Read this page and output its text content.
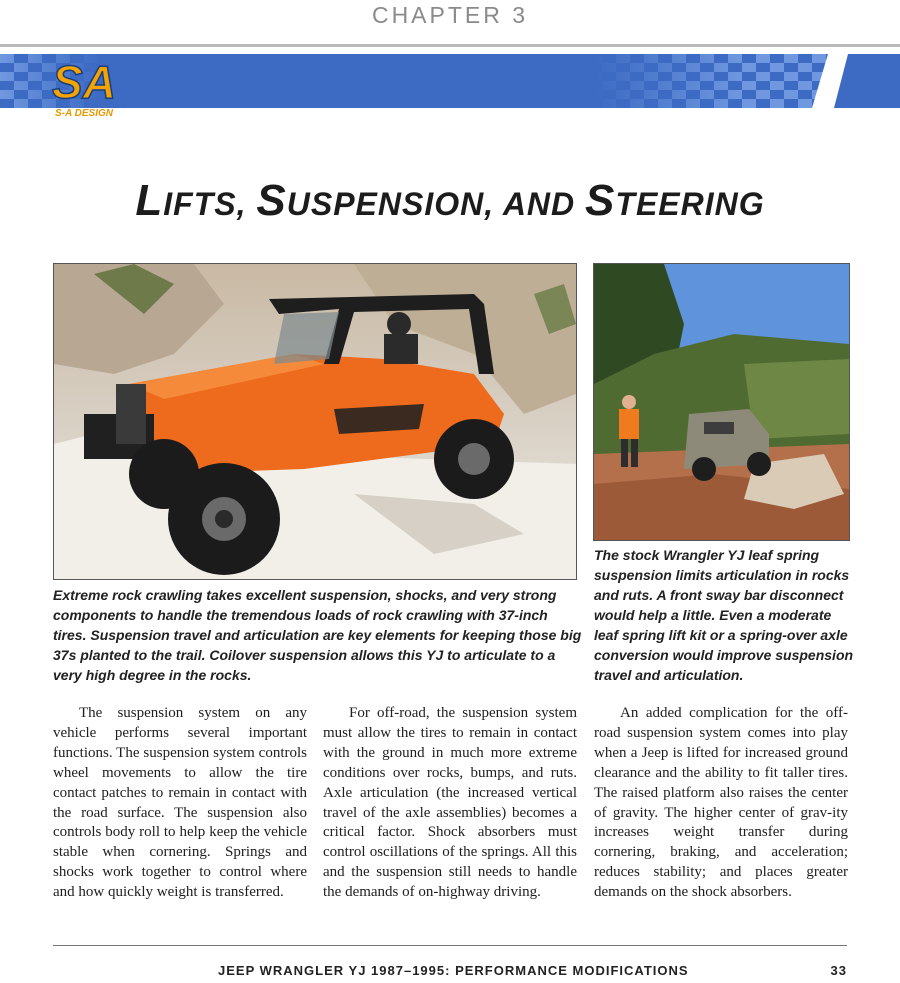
CHAPTER 3
SA
S-A DESIGN
LIFTS, SUSPENSION, AND STEERING
Extreme rock crawling takes excellent suspension, shocks, and very strong components to handle the tremendous loads of rock crawling with 37-inch tires. Suspension travel and articulation are key elements for keeping those big 37s planted to the trail. Coilover suspension allows this YJ to articulate to a very high degree in the rocks.
The stock Wrangler YJ leaf spring suspension limits articulation in rocks and ruts. A front sway bar disconnect would help a little. Even a moderate leaf spring lift kit or a spring-over axle conversion would improve suspension travel and articulation.

The suspension system on any vehicle performs several important functions. The suspension system controls wheel movements to allow the tire contact patches to remain in contact with the road surface. The suspension also controls body roll to help keep the vehicle stable when cornering. Springs and shocks work together to control where and how quickly weight is transferred.

For off-road, the suspension system must allow the tires to remain in contact with the ground in much more extreme conditions over rocks, bumps, and ruts. Axle articulation (the increased vertical travel of the axle assemblies) becomes a critical factor. Shock absorbers must control oscillations of the springs. All this and the suspension still needs to handle the demands of on-highway driving.

An added complication for the off-road suspension system comes into play when a Jeep is lifted for increased ground clearance and the ability to fit taller tires. The raised platform also raises the center of gravity. The higher center of grav-ity increases weight transfer during cornering, braking, and acceleration; reduces stability; and places greater demands on the shock absorbers.

JEEP WRANGLER YJ 1987–1995: PERFORMANCE MODIFICATIONS	33
